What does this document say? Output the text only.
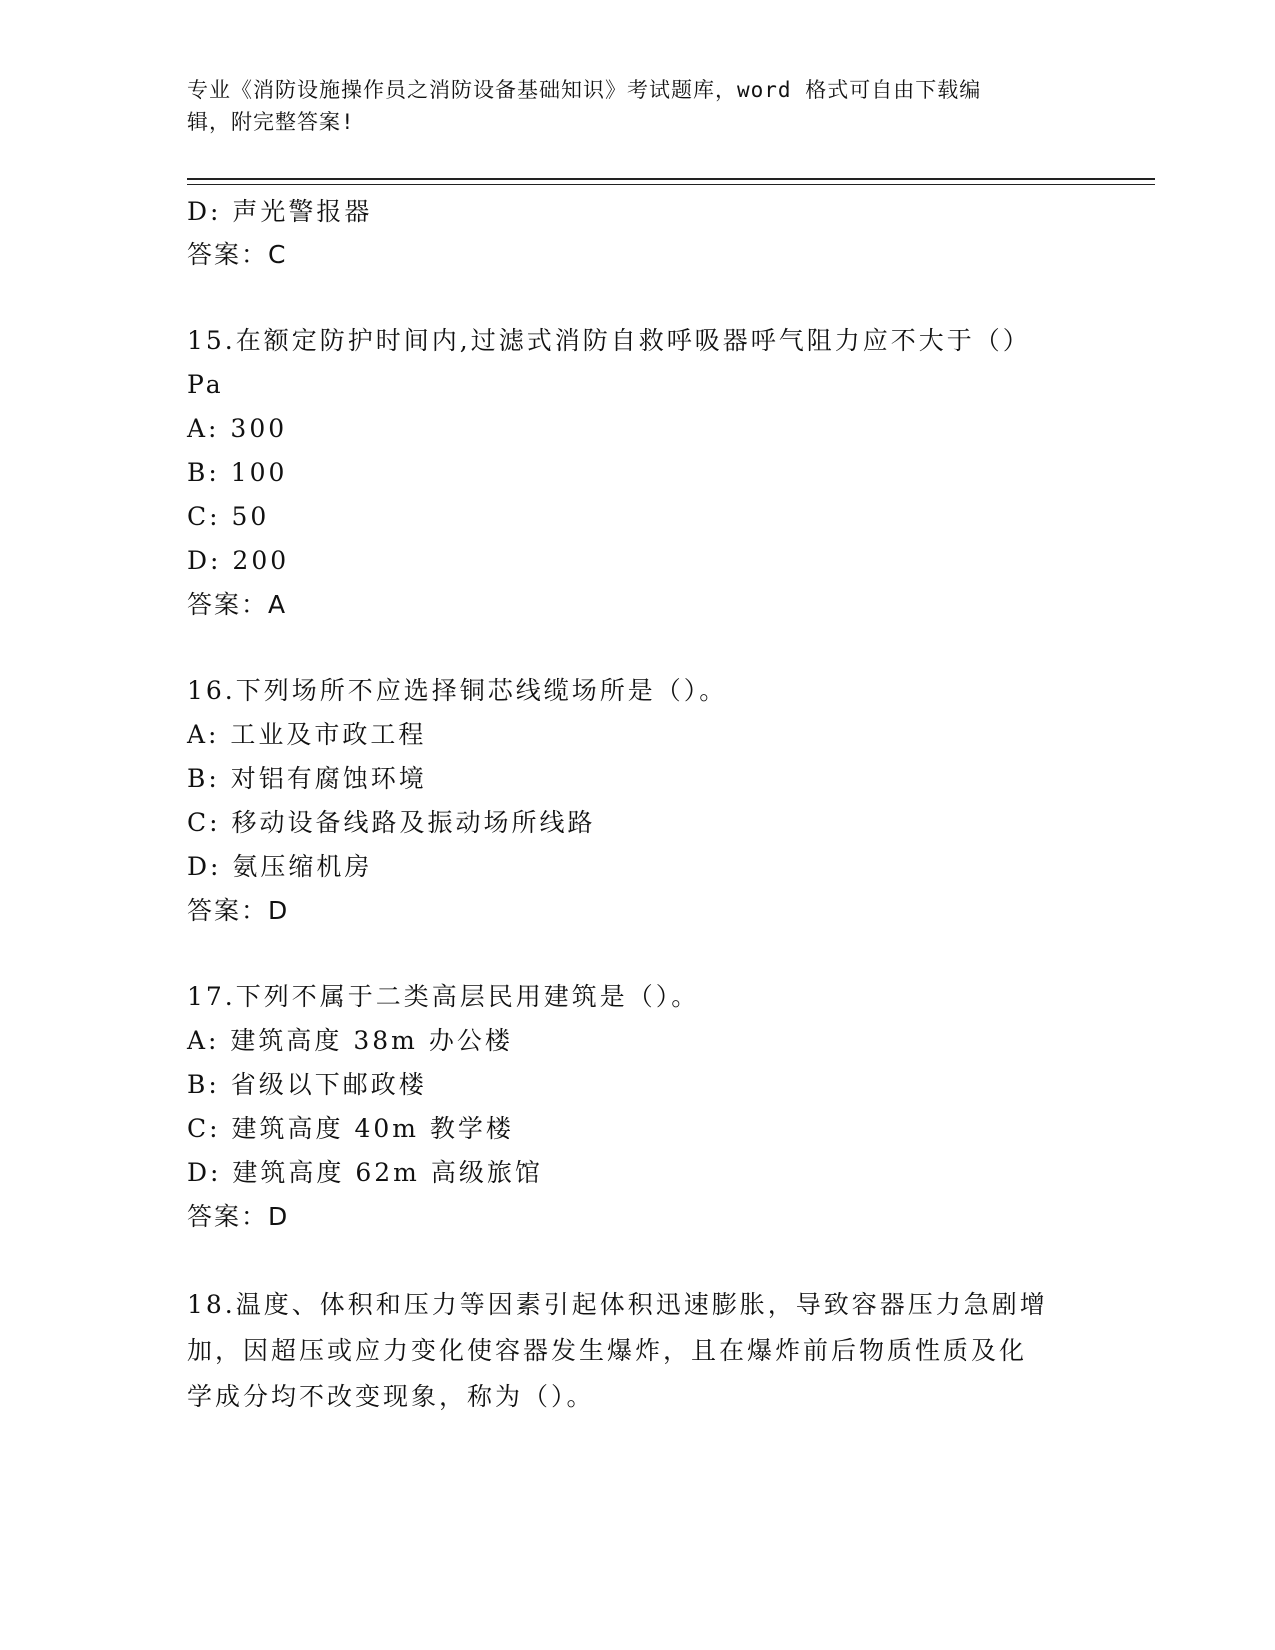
专业《消防设施操作员之消防设备基础知识》考试题库，word 格式可自由下载编
辑，附完整答案!
D: 声光警报器
答案：C
15.在额定防护时间内,过滤式消防自救呼吸器呼气阻力应不大于（）
Pa
A: 300
B: 100
C: 50
D: 200
答案：A
16.下列场所不应选择铜芯线缆场所是（）。
A: 工业及市政工程
B: 对铝有腐蚀环境
C: 移动设备线路及振动场所线路
D: 氨压缩机房
答案：D
17.下列不属于二类高层民用建筑是（）。
A: 建筑高度 38m 办公楼
B: 省级以下邮政楼
C: 建筑高度 40m 教学楼
D: 建筑高度 62m 高级旅馆
答案：D
18.温度、体积和压力等因素引起体积迅速膨胀，导致容器压力急剧增
加，因超压或应力变化使容器发生爆炸，且在爆炸前后物质性质及化
学成分均不改变现象，称为（）。
